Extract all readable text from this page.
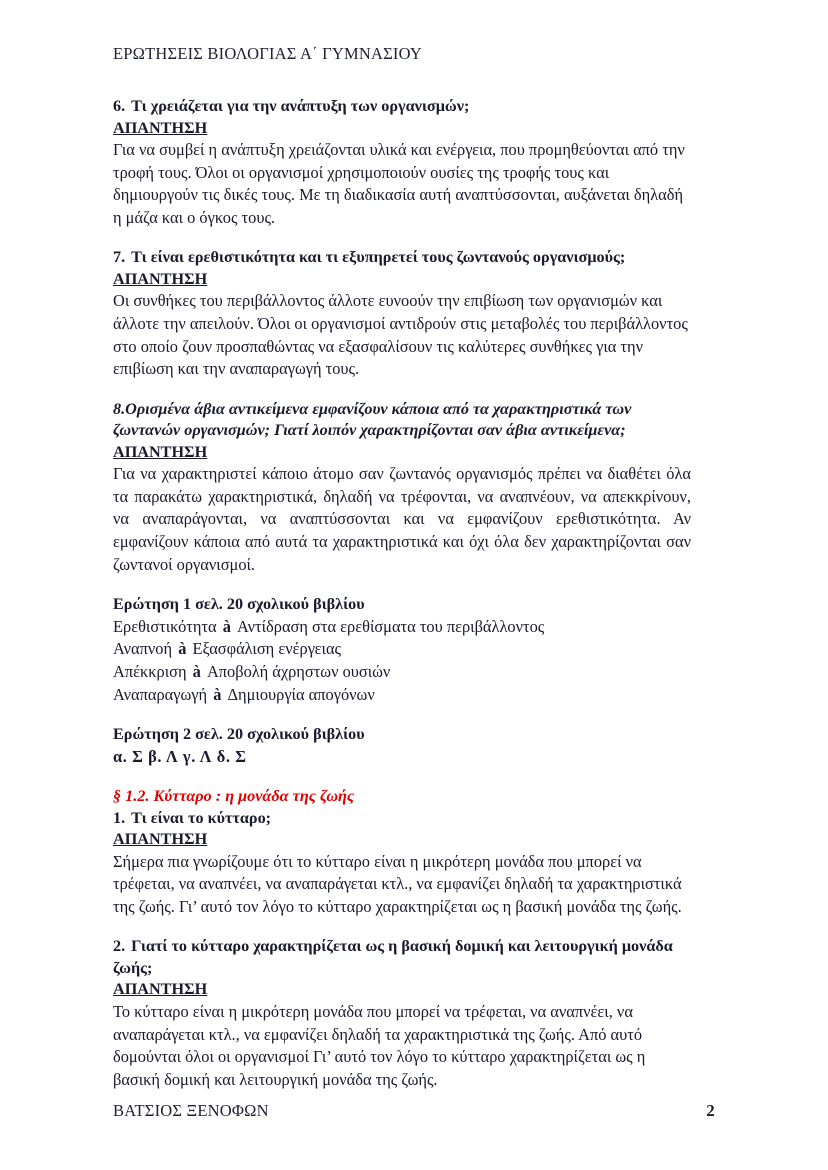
ΕΡΩΤΗΣΕΙΣ ΒΙΟΛΟΓΙΑΣ Α΄ ΓΥΜΝΑΣΙΟΥ

6. Τι χρειάζεται για την ανάπτυξη των οργανισμών;

ΑΠΑΝΤΗΣΗ

Για να συμβεί η ανάπτυξη χρειάζονται υλικά και ενέργεια, που προμηθεύονται από την τροφή τους. Όλοι οι οργανισμοί χρησιμοποιούν ουσίες της τροφής τους και δημιουργούν τις δικές τους. Με τη διαδικασία αυτή αναπτύσσονται, αυξάνεται δηλαδή η μάζα και ο όγκος τους.

7. Τι είναι ερεθιστικότητα και τι εξυπηρετεί τους ζωντανούς οργανισμούς;

ΑΠΑΝΤΗΣΗ

Οι συνθήκες του περιβάλλοντος άλλοτε ευνοούν την επιβίωση των οργανισμών και άλλοτε την απειλούν. Όλοι οι οργανισμοί αντιδρούν στις μεταβολές του περιβάλλοντος στο οποίο ζουν προσπαθώντας να εξασφαλίσουν τις καλύτερες συνθήκες για την επιβίωση και την αναπαραγωγή τους.

8.Ορισμένα άβια αντικείμενα εμφανίζουν κάποια από τα χαρακτηριστικά των ζωντανών οργανισμών; Γιατί λοιπόν χαρακτηρίζονται σαν άβια αντικείμενα;

ΑΠΑΝΤΗΣΗ

Για να χαρακτηριστεί κάποιο άτομο σαν ζωντανός οργανισμός πρέπει να διαθέτει όλα τα παρακάτω χαρακτηριστικά, δηλαδή να τρέφονται, να αναπνέουν, να απεκκρίνουν, να αναπαράγονται, να αναπτύσσονται και να εμφανίζουν ερεθιστικότητα. Αν εμφανίζουν κάποια από αυτά τα χαρακτηριστικά και όχι όλα δεν χαρακτηρίζονται σαν ζωντανοί οργανισμοί.

Ερώτηση 1 σελ. 20 σχολικού βιβλίου

Ερεθιστικότητα à Αντίδραση στα ερεθίσματα του περιβάλλοντος

Αναπνοή à Εξασφάλιση ενέργειας

Απέκκριση à Αποβολή άχρηστων ουσιών

Αναπαραγωγή à Δημιουργία απογόνων

Ερώτηση 2 σελ. 20 σχολικού βιβλίου

α. Σ β. Λ γ. Λ δ. Σ

§ 1.2. Κύτταρο : η μονάδα της ζωής

1. Τι είναι το κύτταρο;

ΑΠΑΝΤΗΣΗ

Σήμερα πια γνωρίζουμε ότι το κύτταρο είναι η μικρότερη μονάδα που μπορεί να τρέφεται, να αναπνέει, να αναπαράγεται κτλ., να εμφανίζει δηλαδή τα χαρακτηριστικά της ζωής. Γι’ αυτό τον λόγο το κύτταρο χαρακτηρίζεται ως η βασική μονάδα της ζωής.

2. Γιατί το κύτταρο χαρακτηρίζεται ως η βασική δομική και λειτουργική μονάδα ζωής;

ΑΠΑΝΤΗΣΗ

Το κύτταρο είναι η μικρότερη μονάδα που μπορεί να τρέφεται, να αναπνέει, να αναπαράγεται κτλ., να εμφανίζει δηλαδή τα χαρακτηριστικά της ζωής. Από αυτό δομούνται όλοι οι οργανισμοί Γι’ αυτό τον λόγο το κύτταρο χαρακτηρίζεται ως η βασική δομική και λειτουργική μονάδα της ζωής.

ΒΑΤΣΙΟΣ ΞΕΝΟΦΩΝ	2
